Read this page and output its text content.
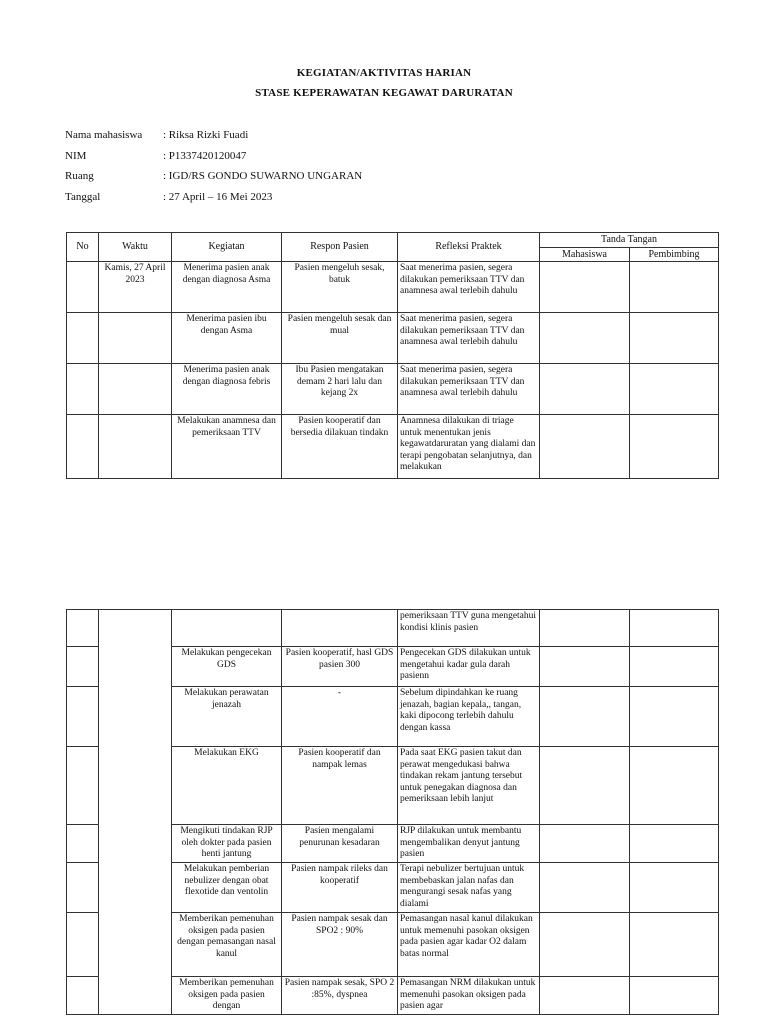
KEGIATAN/AKTIVITAS HARIAN
STASE KEPERAWATAN KEGAWAT DARURATAN
Nama mahasiswa : Riksa Rizki Fuadi
NIM	: P1337420120047
Ruang	: IGD/RS GONDO SUWARNO UNGARAN
Tanggal	: 27 April – 16 Mei 2023
No	Waktu	Kegiatan	Respon Pasien	Refleksi Praktek	Tanda Tangan	
					Mahasiswa	Pembimbing
	Kamis, 27 April 2023	Menerima pasien anak dengan diagnosa Asma	Pasien mengeluh sesak, batuk	Saat menerima pasien, segera dilakukan pemeriksaan TTV dan anamnesa awal terlebih dahulu		
		Menerima pasien ibu dengan Asma	Pasien mengeluh sesak dan mual	Saat menerima pasien, segera dilakukan pemeriksaan TTV dan anamnesa awal terlebih dahulu		
		Menerima pasien anak dengan diagnosa febris	Ibu Pasien mengatakan demam 2 hari lalu dan kejang 2x	Saat menerima pasien, segera dilakukan pemeriksaan TTV dan anamnesa awal terlebih dahulu		
		Melakukan anamnesa dan pemeriksaan TTV	Pasien kooperatif dan bersedia dilakuan tindakn	Anamnesa dilakukan di triage untuk menentukan jenis kegawatdaruratan yang dialami dan terapi pengobatan selanjutnya, dan melakukan		
				pemeriksaan TTV guna mengetahui kondisi klinis pasien		
		Melakukan pengecekan GDS	Pasien kooperatif, hasl GDS pasien 300	Pengecekan GDS dilakukan untuk mengetahui kadar gula darah pasienn		
		Melakukan perawatan jenazah	-	Sebelum dipindahkan ke ruang jenazah, bagian kepala,, tangan, kaki dipocong terlebih dahulu dengan kassa		
		Melakukan EKG	Pasien kooperatif dan nampak lemas	Pada saat EKG pasien takut dan perawat mengedukasi bahwa tindakan rekam jantung tersebut untuk penegakan diagnosa dan pemeriksaan lebih lanjut		
		Mengikuti tindakan RJP oleh dokter pada pasien henti jantung	Pasien mengalami penurunan kesadaran	RJP dilakukan untuk membantu mengembalikan denyut jantung pasien		
		Melakukan pemberian nebulizer dengan obat flexotide dan ventolin	Pasien nampak rileks dan kooperatif	Terapi nebulizer bertujuan untuk membebaskan jalan nafas dan mengurangi sesak nafas yang dialami		
		Memberikan pemenuhan oksigen pada pasien dengan pemasangan nasal kanul	Pasien nampak sesak dan SPO2 : 90%	Pemasangan nasal kanul dilakukan untuk memenuhi pasokan oksigen pada pasien agar kadar O2 dalam batas normal		
		Memberikan pemenuhan oksigen pada pasien dengan	Pasien nampak sesak, SPO 2 :85%, dyspnea	Pemasangan NRM dilakukan untuk memenuhi pasokan oksigen pada pasien agar		
